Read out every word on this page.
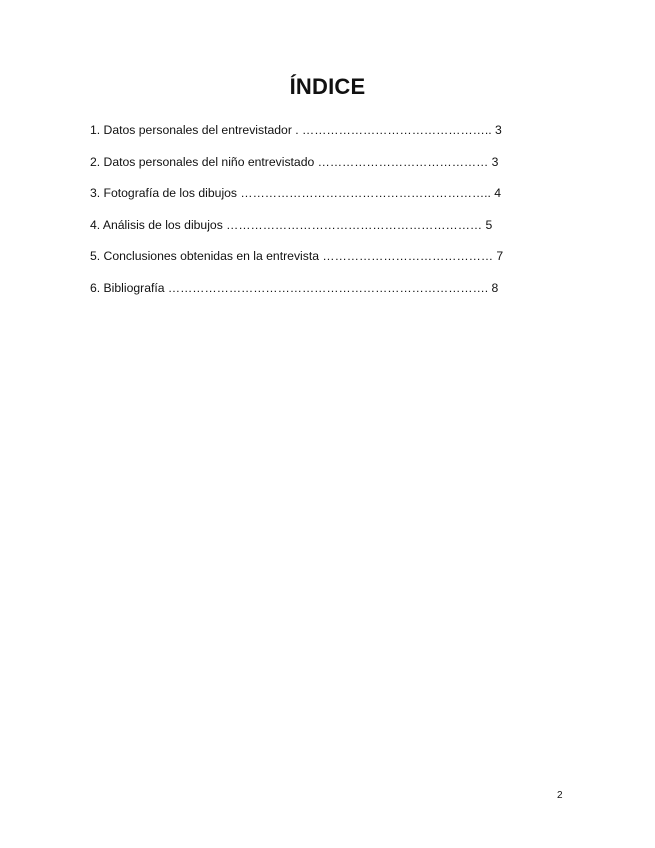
ÍNDICE
1. Datos personales del entrevistador . ……………………………………….. 3
2. Datos personales del niño entrevistado …………………………………… 3
3. Fotografía de los dibujos …………………………………………………….. 4
4. Análisis de los dibujos ……………………………………………………… 5
5. Conclusiones obtenidas en la entrevista …………………………………… 7
6. Bibliografía ……………………………………………………………………. 8
2
